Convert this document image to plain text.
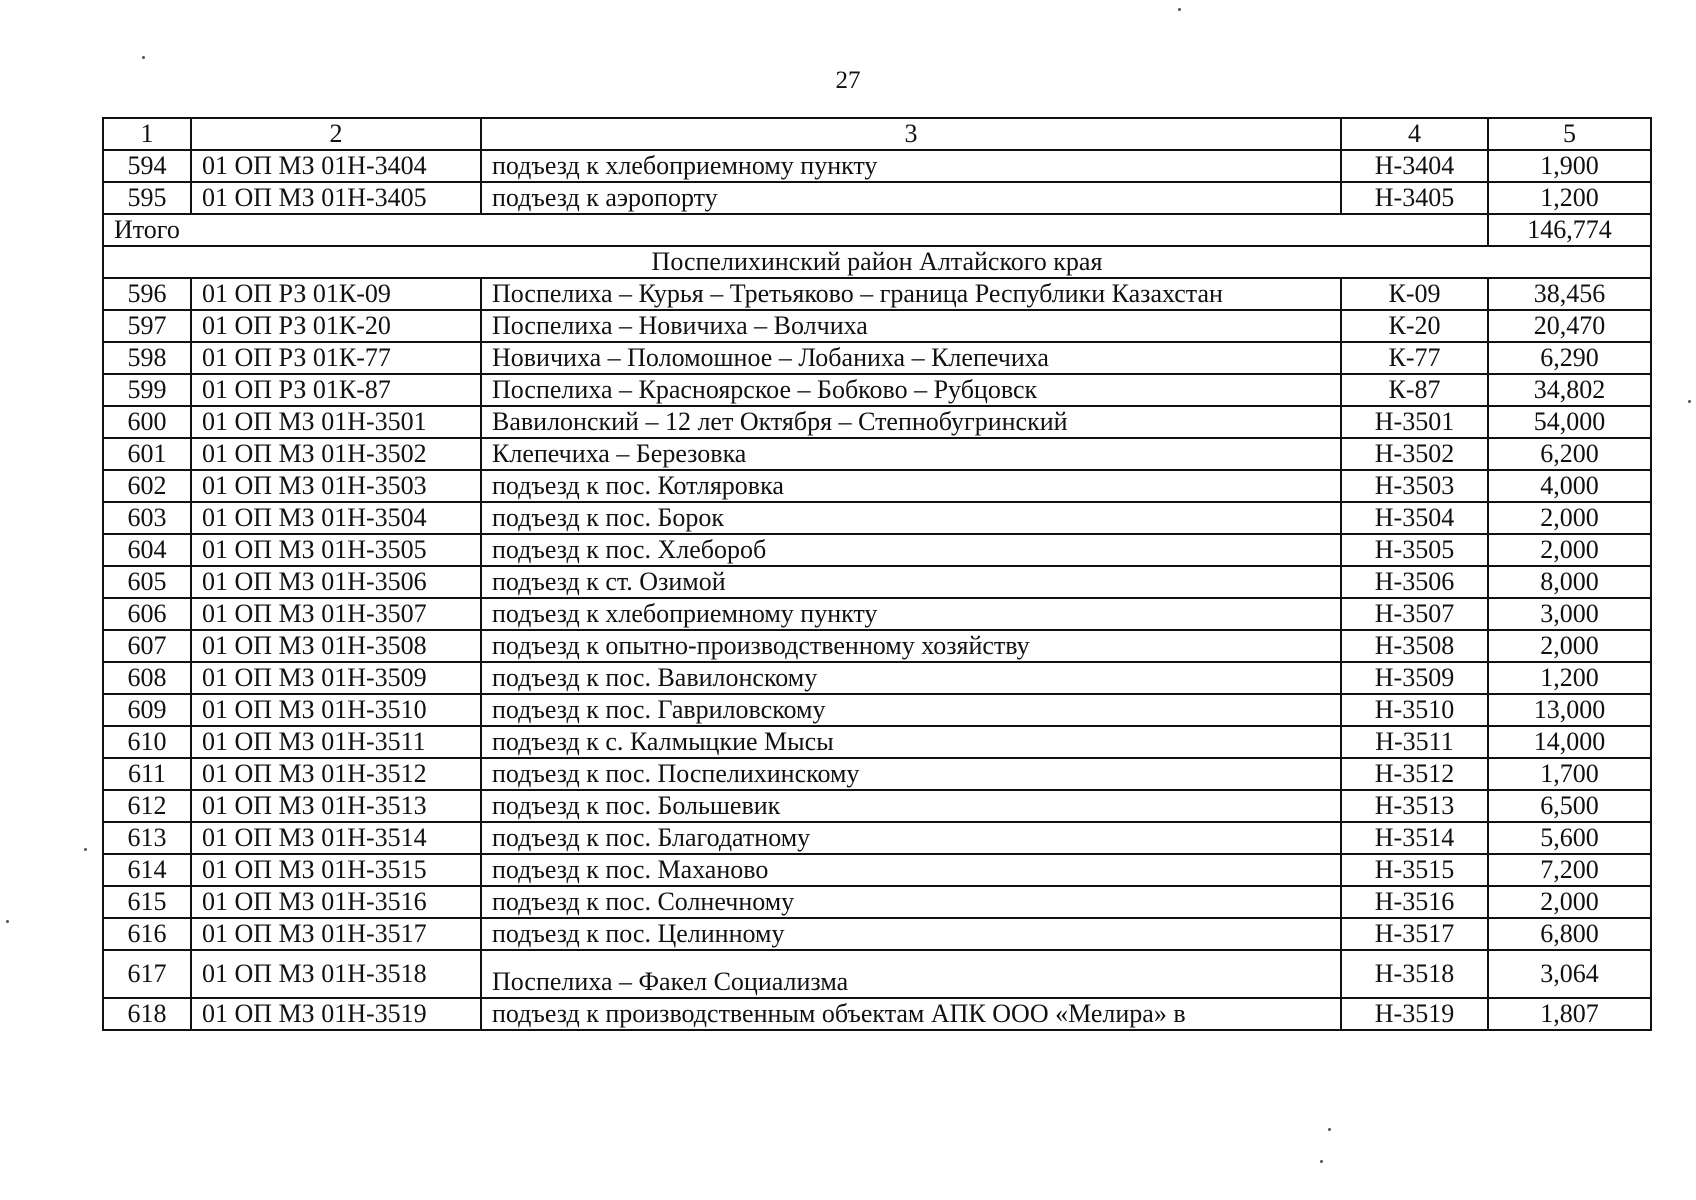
27
1	2	3	4	5
594	01 ОП МЗ 01Н-3404	подъезд к хлебоприемному пункту	Н-3404	1,900
595	01 ОП МЗ 01Н-3405	подъезд к аэропорту	Н-3405	1,200
Итого				146,774
Поспелихинский район Алтайского края				
596	01 ОП РЗ 01К-09	Поспелиха – Курья – Третьяково – граница Республики Казахстан	К-09	38,456
597	01 ОП РЗ 01К-20	Поспелиха – Новичиха – Волчиха	К-20	20,470
598	01 ОП РЗ 01К-77	Новичиха – Поломошное – Лобаниха – Клепечиха	К-77	6,290
599	01 ОП РЗ 01К-87	Поспелиха – Красноярское – Бобково – Рубцовск	К-87	34,802
600	01 ОП МЗ 01Н-3501	Вавилонский – 12 лет Октября – Степнобугринский	Н-3501	54,000
601	01 ОП МЗ 01Н-3502	Клепечиха – Березовка	Н-3502	6,200
602	01 ОП МЗ 01Н-3503	подъезд к пос. Котляровка	Н-3503	4,000
603	01 ОП МЗ 01Н-3504	подъезд к пос. Борок	Н-3504	2,000
604	01 ОП МЗ 01Н-3505	подъезд к пос. Хлебороб	Н-3505	2,000
605	01 ОП МЗ 01Н-3506	подъезд к ст. Озимой	Н-3506	8,000
606	01 ОП МЗ 01Н-3507	подъезд к хлебоприемному пункту	Н-3507	3,000
607	01 ОП МЗ 01Н-3508	подъезд к опытно-производственному хозяйству	Н-3508	2,000
608	01 ОП МЗ 01Н-3509	подъезд к пос. Вавилонскому	Н-3509	1,200
609	01 ОП МЗ 01Н-3510	подъезд к пос. Гавриловскому	Н-3510	13,000
610	01 ОП МЗ 01Н-3511	подъезд к с. Калмыцкие Мысы	Н-3511	14,000
611	01 ОП МЗ 01Н-3512	подъезд к пос. Поспелихинскому	Н-3512	1,700
612	01 ОП МЗ 01Н-3513	подъезд к пос. Большевик	Н-3513	6,500
613	01 ОП МЗ 01Н-3514	подъезд к пос. Благодатному	Н-3514	5,600
614	01 ОП МЗ 01Н-3515	подъезд к пос. Маханово	Н-3515	7,200
615	01 ОП МЗ 01Н-3516	подъезд к пос. Солнечному	Н-3516	2,000
616	01 ОП МЗ 01Н-3517	подъезд к пос. Целинному	Н-3517	6,800
617	01 ОП МЗ 01Н-3518	Поспелиха – Факел Социализма	Н-3518	3,064
618	01 ОП МЗ 01Н-3519	подъезд к производственным объектам АПК ООО «Мелира» в	Н-3519	1,807
